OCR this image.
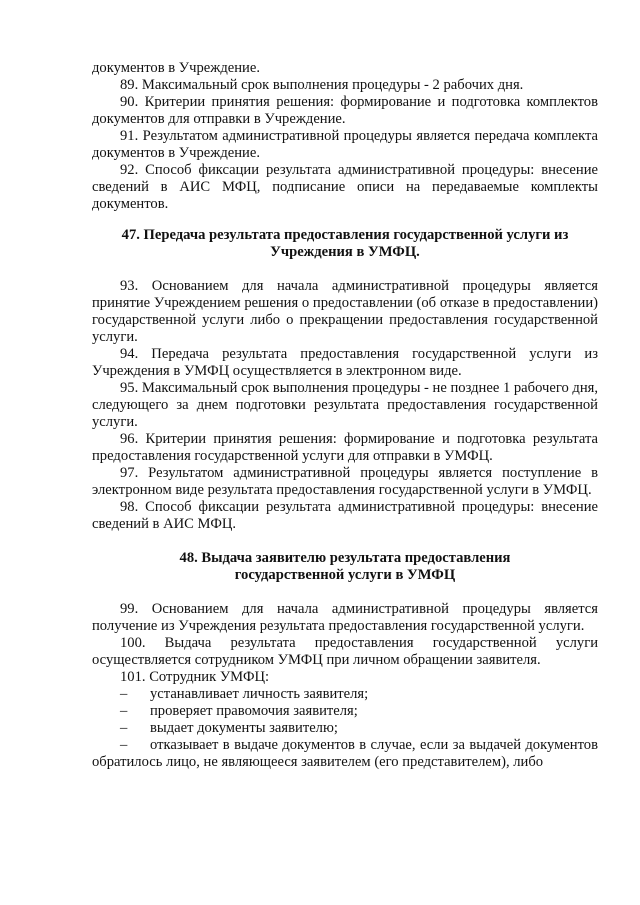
документов в Учреждение.

89. Максимальный срок выполнения процедуры - 2 рабочих дня.

90. Критерии принятия решения: формирование и подготовка комплектов документов для отправки в Учреждение.

91. Результатом административной процедуры является передача комплекта документов в Учреждение.

92. Способ фиксации результата административной процедуры: внесение сведений в АИС МФЦ, подписание описи на передаваемые комплекты документов.

47. Передача результата предоставления государственной услуги из Учреждения в УМФЦ.

93. Основанием для начала административной процедуры является принятие Учреждением решения о предоставлении (об отказе в предоставлении) государственной услуги либо о прекращении предоставления государственной услуги.

94. Передача результата предоставления государственной услуги из Учреждения в УМФЦ осуществляется в электронном виде.

95. Максимальный срок выполнения процедуры - не позднее 1 рабочего дня, следующего за днем подготовки результата предоставления государственной услуги.

96. Критерии принятия решения: формирование и подготовка результата предоставления государственной услуги для отправки в УМФЦ.

97. Результатом административной процедуры является поступление в электронном виде результата предоставления государственной услуги в УМФЦ.

98. Способ фиксации результата административной процедуры: внесение сведений в АИС МФЦ.

48. Выдача заявителю результата предоставления
государственной услуги в УМФЦ

99. Основанием для начала административной процедуры является получение из Учреждения результата предоставления государственной услуги.

100. Выдача результата предоставления государственной услуги осуществляется сотрудником УМФЦ при личном обращении заявителя.

101. Сотрудник УМФЦ:

– устанавливает личность заявителя;

– проверяет правомочия заявителя;

– выдает документы заявителю;

– отказывает в выдаче документов в случае, если за выдачей документов обратилось лицо, не являющееся заявителем (его представителем), либо
